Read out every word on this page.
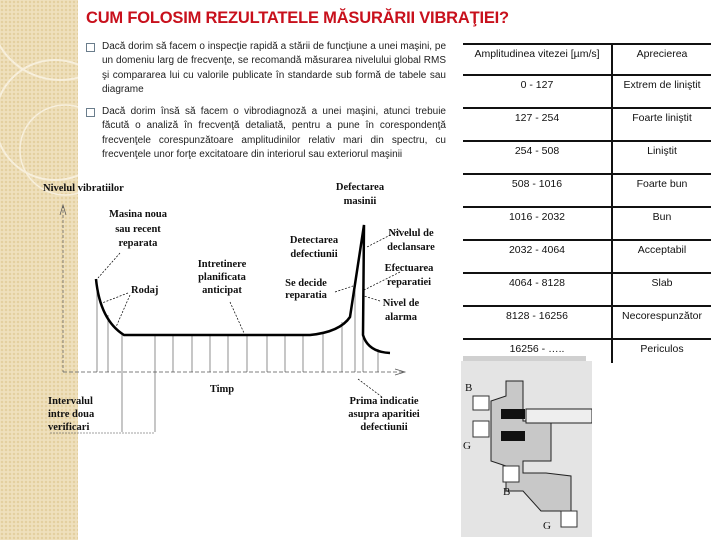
CUM FOLOSIM REZULTATELE MĂSURĂRII VIBRAŢIEI?
Dacă dorim să facem o inspecţie rapidă a stării de funcţiune a unei maşini, pe un domeniu larg de frecvenţe, se recomandă măsurarea nivelului global RMS şi compararea lui cu valorile publicate în standarde sub formă de tabele sau diagrame
Dacă dorim însă să facem o vibrodiagnoză a unei maşini, atunci trebuie făcută o analiză în frecvenţă detaliată, pentru a pune în corespondenţă frecvenţele corespunzătoare amplitudinilor relativ mari din spectru, cu frecvenţele unor forţe excitatoare din interiorul sau exteriorul maşinii
Amplitudinea vitezei [µm/s]	Aprecierea
0 - 127	Extrem de liniştit
127 - 254	Foarte liniştit
254 - 508	Liniştit
508 - 1016	Foarte bun
1016 - 2032	Bun
2032 - 4064	Acceptabil
4064 - 8128	Slab
8128 - 16256	Necorespunzător
16256 - …..	Periculos
Nivelul vibratiilor
Masina noua sau recent reparata
Rodaj
Intretinere planificata anticipat
Detectarea defectiunii
Se decide reparatia
Defectarea masinii
Nivelul de declansare
Efectuarea reparatiei
Nivel de alarma
Timp
Prima indicatie asupra aparitiei defectiunii
Intervalul intre doua verificari
B
G
B
G
